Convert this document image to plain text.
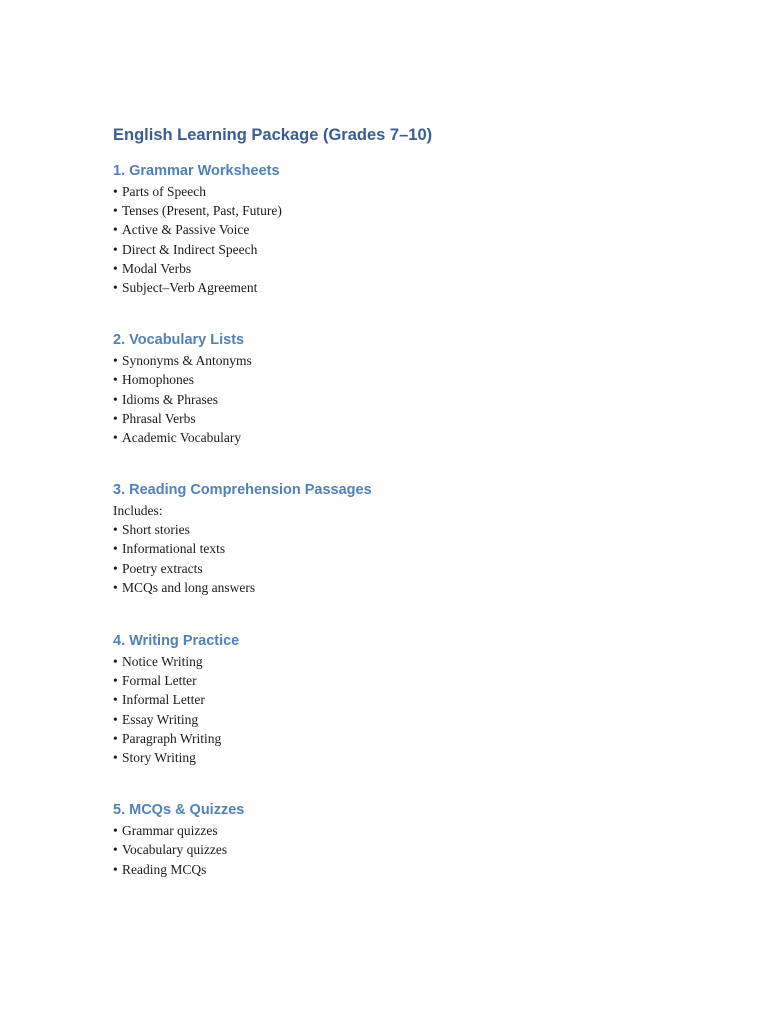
English Learning Package (Grades 7–10)
1. Grammar Worksheets
• Parts of Speech
• Tenses (Present, Past, Future)
• Active & Passive Voice
• Direct & Indirect Speech
• Modal Verbs
• Subject–Verb Agreement
2. Vocabulary Lists
• Synonyms & Antonyms
• Homophones
• Idioms & Phrases
• Phrasal Verbs
• Academic Vocabulary
3. Reading Comprehension Passages
Includes:
• Short stories
• Informational texts
• Poetry extracts
• MCQs and long answers
4. Writing Practice
• Notice Writing
• Formal Letter
• Informal Letter
• Essay Writing
• Paragraph Writing
• Story Writing
5. MCQs & Quizzes
• Grammar quizzes
• Vocabulary quizzes
• Reading MCQs
